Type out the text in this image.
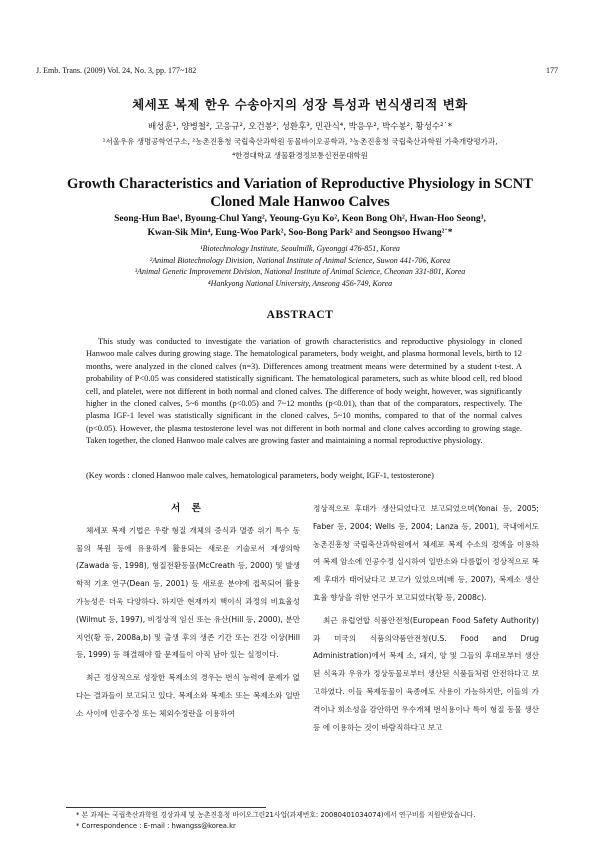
J. Emb. Trans. (2009) Vol. 24, No. 3, pp. 177~182	177
체세포 복제 한우 수송아지의 성장 특성과 번식생리적 변화
배성훈¹, 양병철², 고응규², 오건봉², 성환후³, 민관식⁴, 박응우², 박수봉², 황성수²˙*
¹서울우유 생명공학연구소, ²농촌진흥청 국립축산과학원 동물바이오공학과, ³농촌진흥청 국립축산과학원 가축개량평가과,
⁴한경대학교 생물환경정보통신전문대학원
Growth Characteristics and Variation of Reproductive Physiology in SCNT
Cloned Male Hanwoo Calves
Seong-Hun Bae¹, Byoung-Chul Yang², Yeoung-Gyu Ko², Keon Bong Oh², Hwan-Hoo Seong³,
Kwan-Sik Min⁴, Eung-Woo Park², Soo-Bong Park² and Seongsoo Hwang²˙*
¹Biotechnology Institute, Seoulmilk, Gyeonggi 476-851, Korea
²Animal Biotechnology Division, National Institute of Animal Science, Suwon 441-706, Korea
³Animal Genetic Improvement Division, National Institute of Animal Science, Cheonan 331-801, Korea
⁴Hankyong National University, Anseong 456-749, Korea
ABSTRACT
This study was conducted to investigate the variation of growth characteristics and reproductive physiology in cloned Hanwoo male calves during growing stage. The hematological parameters, body weight, and plasma hormonal levels, birth to 12 months, were analyzed in the cloned calves (n=3). Differences among treatment means were determined by a student t-test. A probability of P<0.05 was considered statistically significant. The hematological parameters, such as white blood cell, red blood cell, and platelet, were not different in both normal and cloned calves. The difference of body weight, however, was significantly higher in the cloned calves, 5~6 months (p<0.05) and 7~12 months (p<0.01), than that of the comparators, respectively. The plasma IGF-1 level was statistically significant in the cloned calves, 5~10 months, compared to that of the normal calves (p<0.05). However, the plasma testosterone level was not different in both normal and clone calves according to growing stage. Taken together, the cloned Hanwoo male calves are growing faster and maintaining a normal reproductive physiology.
(Key words : cloned Hanwoo male calves, hematological parameters, body weight, IGF-1, testosterone)
서 론

체세포 복제 기법은 우량 형질 개체의 증식과 멸종 위기 특수 동물의 복원 등에 유용하게 활용되는 새로운 기술로서 재생의학(Zawada 등, 1998), 형질전환동물(McCreath 등, 2000) 및 발생학적 기초 연구(Dean 등, 2001) 등 새로운 분야에 접목되어 활용 가능성은 더욱 다양하다. 하지만 현재까지 핵이식 과정의 비효율성(Wilmut 등, 1997), 비정상적 임신 또는 유산(Hill 등, 2000), 분만 지연(황 등, 2008a,b) 및 출생 후의 생존 기간 또는 건강 이상(Hill 등, 1999) 등 해결해야 할 문제들이 아직 남아 있는 실정이다.

최근 정상적으로 성장한 복제소의 경우는 번식 능력에 문제가 없다는 결과들이 보고되고 있다. 복제소와 복제소 또는 복제소와 일반소 사이에 인공수정 또는 체외수정란을 이용하여

정상적으로 후대가 생산되었다고 보고되었으며(Yonai 등, 2005; Faber 등, 2004; Wells 등, 2004; Lanza 등, 2001), 국내에서도 농촌진흥청 국립축산과학원에서 체세포 복제 수소의 정액을 이용하여 복제 암소에 인공수정 실시하여 일반소와 다름없이 정상적으로 복제 후대가 태어났다고 보고가 있었으며(배 등, 2007), 복제소 생산 효율 향상을 위한 연구가 보고되었다(황 등, 2008c).

최근 유럽연합 식품안전청(European Food Safety Authority)과 미국의 식품의약품안전청(U.S. Food and Drug Administration)에서 복제 소, 돼지, 양 및 그들의 후대로부터 생산된 식육과 우유가 정상동물로부터 생산된 식품들처럼 안전하다고 보고하였다. 이들 복제동물이 육종에도 사용이 가능하지만, 이들의 가격이나 희소성을 감안하면 우수개체 번식용이나 특이 형질 동물 생산 등 에 이용하는 것이 바람직하다고 보고

* 본 과제는 국립축산과학원 경상과제 및 농촌진흥청 바이오그린21사업(과제번호: 20080401034074)에서 연구비를 지원받았습니다.
* Correspondence : E-mail : hwangss@korea.kr
